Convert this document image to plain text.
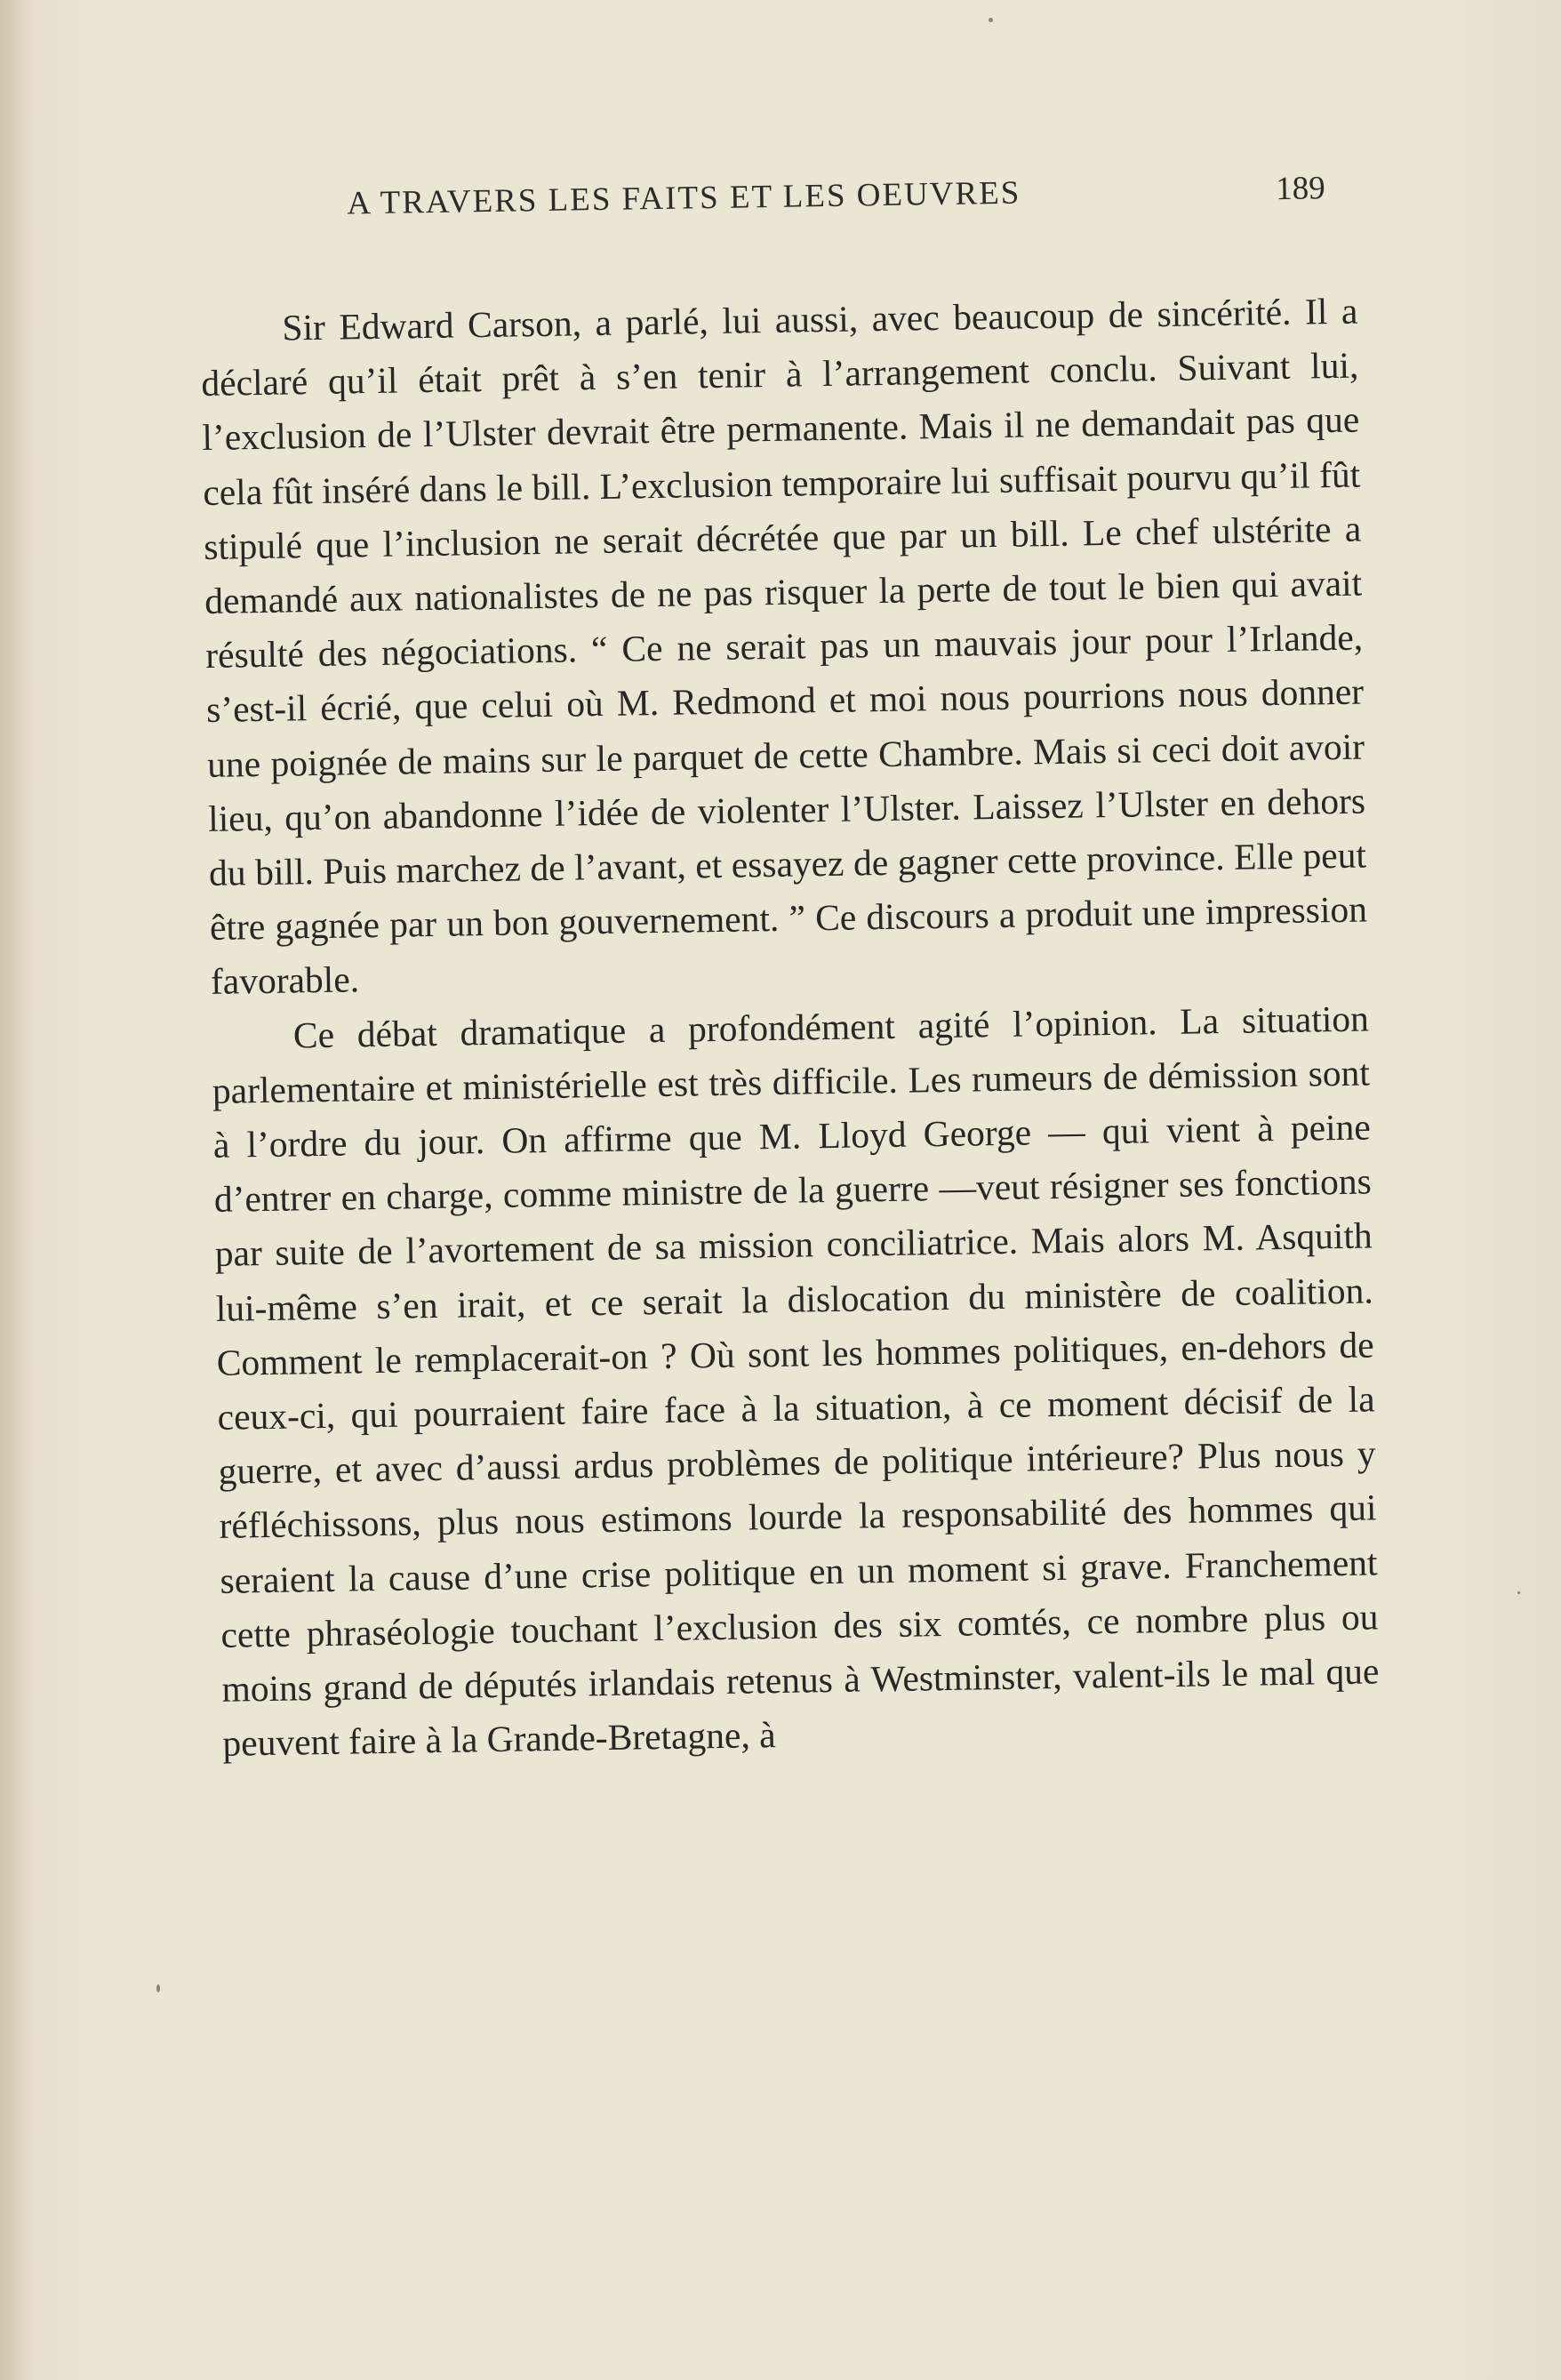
A TRAVERS LES FAITS ET LES OEUVRES	189

Sir Edward Carson, a parlé, lui aussi, avec beaucoup de sincérité. Il a déclaré qu’il était prêt à s’en tenir à l’arrangement conclu. Suivant lui, l’exclusion de l’Ulster devrait être permanente. Mais il ne demandait pas que cela fût inséré dans le bill. L’exclusion temporaire lui suffisait pourvu qu’il fût stipulé que l’inclusion ne serait décrétée que par un bill. Le chef ulstérite a demandé aux nationalistes de ne pas risquer la perte de tout le bien qui avait résulté des négociations. “ Ce ne serait pas un mauvais jour pour l’Irlande, s’est-il écrié, que celui où M. Redmond et moi nous pourrions nous donner une poignée de mains sur le parquet de cette Chambre. Mais si ceci doit avoir lieu, qu’on abandonne l’idée de violenter l’Ulster. Laissez l’Ulster en dehors du bill. Puis marchez de l’avant, et essayez de gagner cette province. Elle peut être gagnée par un bon gouvernement. ” Ce discours a produit une impression favorable.

Ce débat dramatique a profondément agité l’opinion. La situation parlementaire et ministérielle est très difficile. Les rumeurs de démission sont à l’ordre du jour. On affirme que M. Lloyd George — qui vient à peine d’entrer en charge, comme ministre de la guerre —veut résigner ses fonctions par suite de l’avortement de sa mission conciliatrice. Mais alors M. Asquith lui-même s’en irait, et ce serait la dislocation du ministère de coalition. Comment le remplacerait-on ? Où sont les hommes politiques, en-dehors de ceux-ci, qui pourraient faire face à la situation, à ce moment décisif de la guerre, et avec d’aussi ardus problèmes de politique intérieure? Plus nous y réfléchissons, plus nous estimons lourde la responsabilité des hommes qui seraient la cause d’une crise politique en un moment si grave. Franchement cette phraséologie touchant l’exclusion des six comtés, ce nombre plus ou moins grand de députés irlandais retenus à Westminster, valent-ils le mal que peuvent faire à la Grande-Bretagne, à
